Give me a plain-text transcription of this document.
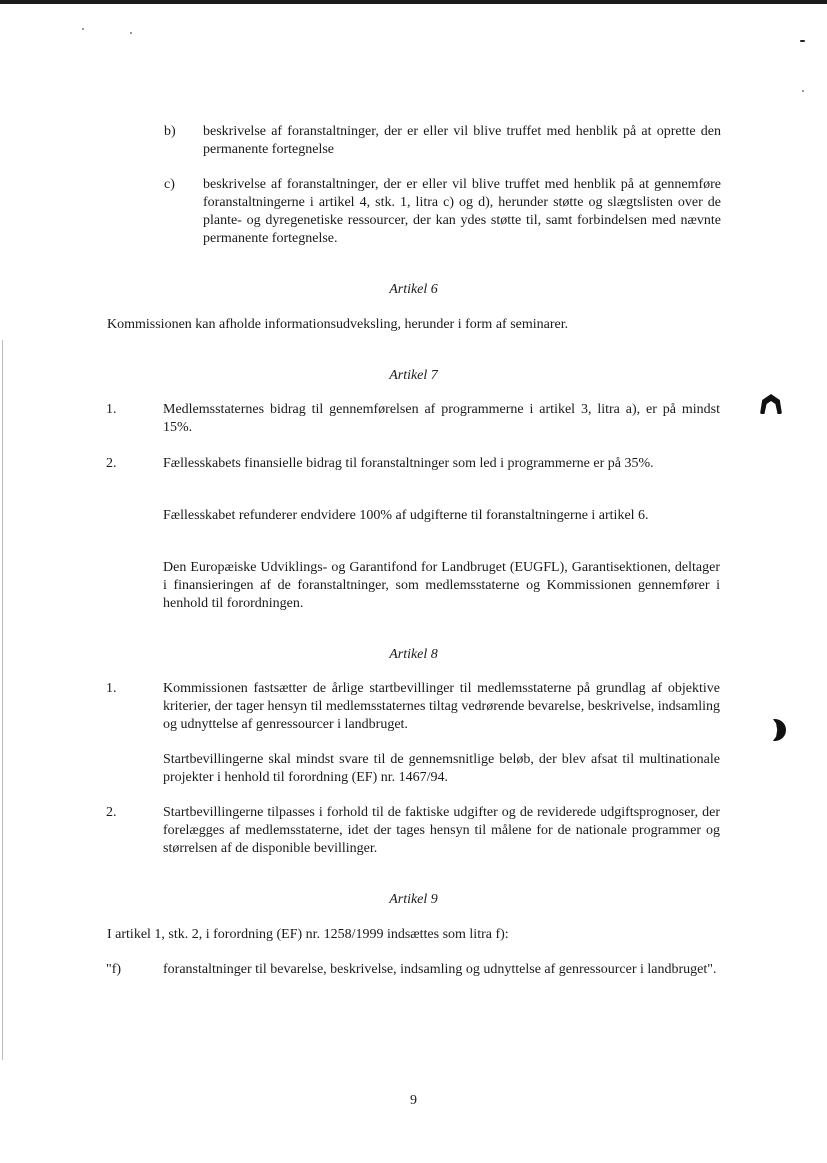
b) beskrivelse af foranstaltninger, der er eller vil blive truffet med henblik på at oprette den permanente fortegnelse
c) beskrivelse af foranstaltninger, der er eller vil blive truffet med henblik på at gennemføre foranstaltningerne i artikel 4, stk. 1, litra c) og d), herunder støtte og slægtslisten over de plante- og dyregenetiske ressourcer, der kan ydes støtte til, samt forbindelsen med nævnte permanente fortegnelse.
Artikel 6
Kommissionen kan afholde informationsudveksling, herunder i form af seminarer.
Artikel 7
1.	Medlemsstaternes bidrag til gennemførelsen af programmerne i artikel 3, litra a), er på mindst 15%.
2.	Fællesskabets finansielle bidrag til foranstaltninger som led i programmerne er på 35%.
Fællesskabet refunderer endvidere 100% af udgifterne til foranstaltningerne i artikel 6.
Den Europæiske Udviklings- og Garantifond for Landbruget (EUGFL), Garantisektionen, deltager i finansieringen af de foranstaltninger, som medlemsstaterne og Kommissionen gennemfører i henhold til forordningen.
Artikel 8
1.	Kommissionen fastsætter de årlige startbevillinger til medlemsstaterne på grundlag af objektive kriterier, der tager hensyn til medlemsstaternes tiltag vedrørende bevarelse, beskrivelse, indsamling og udnyttelse af genressourcer i landbruget.
Startbevillingerne skal mindst svare til de gennemsnitlige beløb, der blev afsat til multinationale projekter i henhold til forordning (EF) nr. 1467/94.
2.	Startbevillingerne tilpasses i forhold til de faktiske udgifter og de reviderede udgiftsprognoser, der forelægges af medlemsstaterne, idet der tages hensyn til målene for de nationale programmer og størrelsen af de disponible bevillinger.
Artikel 9
I artikel 1, stk. 2, i forordning (EF) nr. 1258/1999 indsættes som litra f):
"f)	foranstaltninger til bevarelse, beskrivelse, indsamling og udnyttelse af genressourcer i landbruget".
9
